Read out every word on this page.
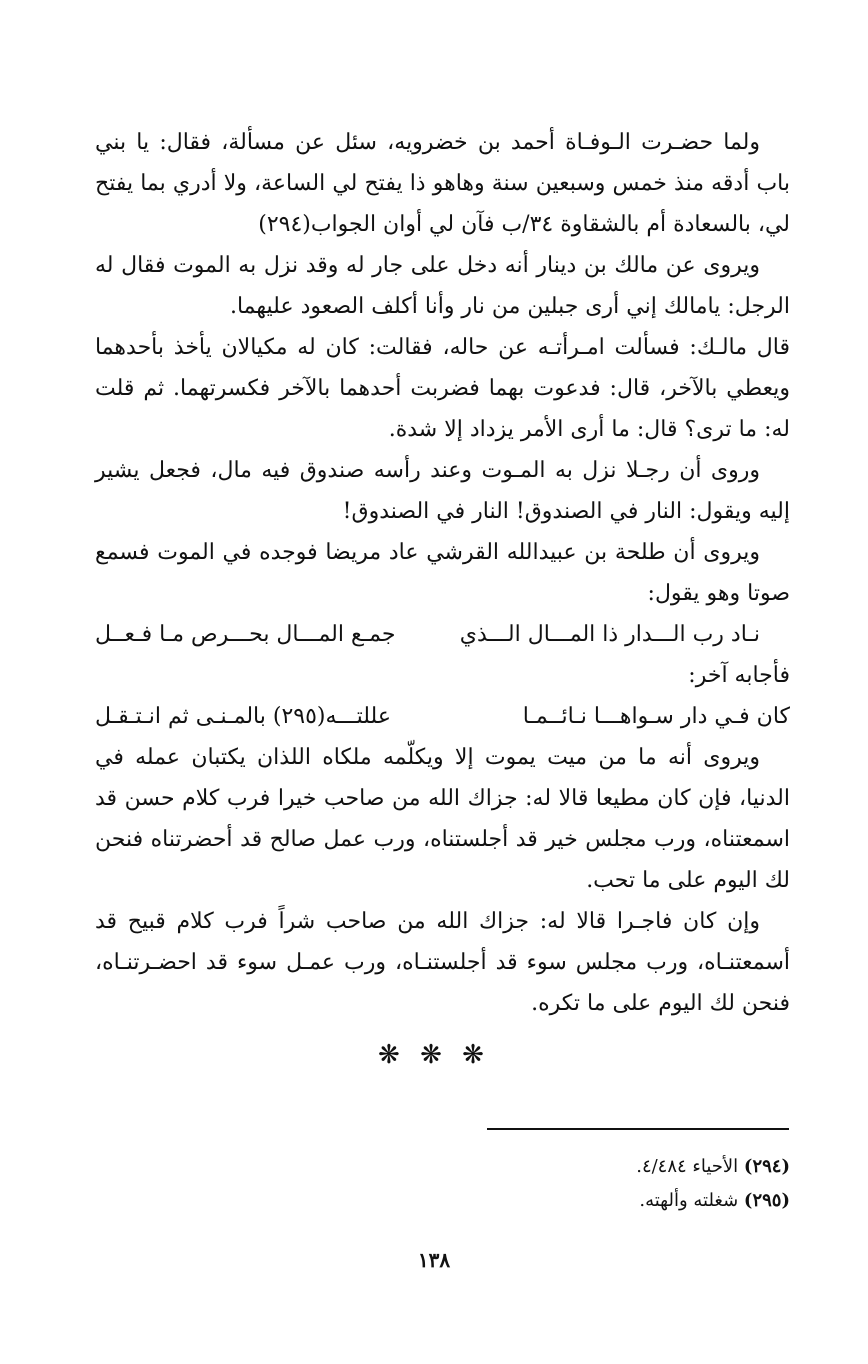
ولما حضـرت الـوفـاة أحمد بن خضرويه، سئل عن مسألة، فقال: يا بني باب أدقه منذ خمس وسبعين سنة وهاهو ذا يفتح لي الساعة، ولا أدري بما يفتح لي، بالسعادة أم بالشقاوة ٣٤/ب فآن لي أوان الجواب(٢٩٤)

ويروى عن مالك بن دينار أنه دخل على جار له وقد نزل به الموت فقال له الرجل: يامالك إني أرى جبلين من نار وأنا أكلف الصعود عليهما.

قال مالـك: فسألت امـرأتـه عن حاله، فقالت: كان له مكيالان يأخذ بأحدهما ويعطي بالآخر، قال: فدعوت بهما فضربت أحدهما بالآخر فكسرتهما. ثم قلت له: ما ترى؟ قال: ما أرى الأمر يزداد إلا شدة.

وروى أن رجـلا نزل به المـوت وعند رأسه صندوق فيه مال، فجعل يشير إليه ويقول: النار في الصندوق! النار في الصندوق!

ويروى أن طلحة بن عبيدالله القرشي عاد مريضا فوجده في الموت فسمع صوتا وهو يقول:

نـاد رب الـــدار ذا المـــال الـــذي
جمـع المـــال بحـــرص مـا فـعــل

فأجابه آخر:

كان فـي دار سـواهـــا نـائــمـا
عللتـــه(٢٩٥) بالمـنـى ثم انـتـقـل

ويروى أنه ما من ميت يموت إلا ويكلّمه ملكاه اللذان يكتبان عمله في الدنيا، فإن كان مطيعا قالا له: جزاك الله من صاحب خيرا فرب كلام حسن قد اسمعتناه، ورب مجلس خير قد أجلستناه، ورب عمل صالح قد أحضرتناه فنحن لك اليوم على ما تحب.

وإن كان فاجـرا قالا له: جزاك الله من صاحب شراً فرب كلام قبيح قد أسمعتنـاه، ورب مجلس سوء قد أجلستنـاه، ورب عمـل سوء قد احضـرتنـاه، فنحن لك اليوم على ما تكره.

❋ ❋ ❋
(٢٩٤) الأحياء ٤/٤٨٤.
(٢٩٥) شغلته وألهته.
١٣٨
